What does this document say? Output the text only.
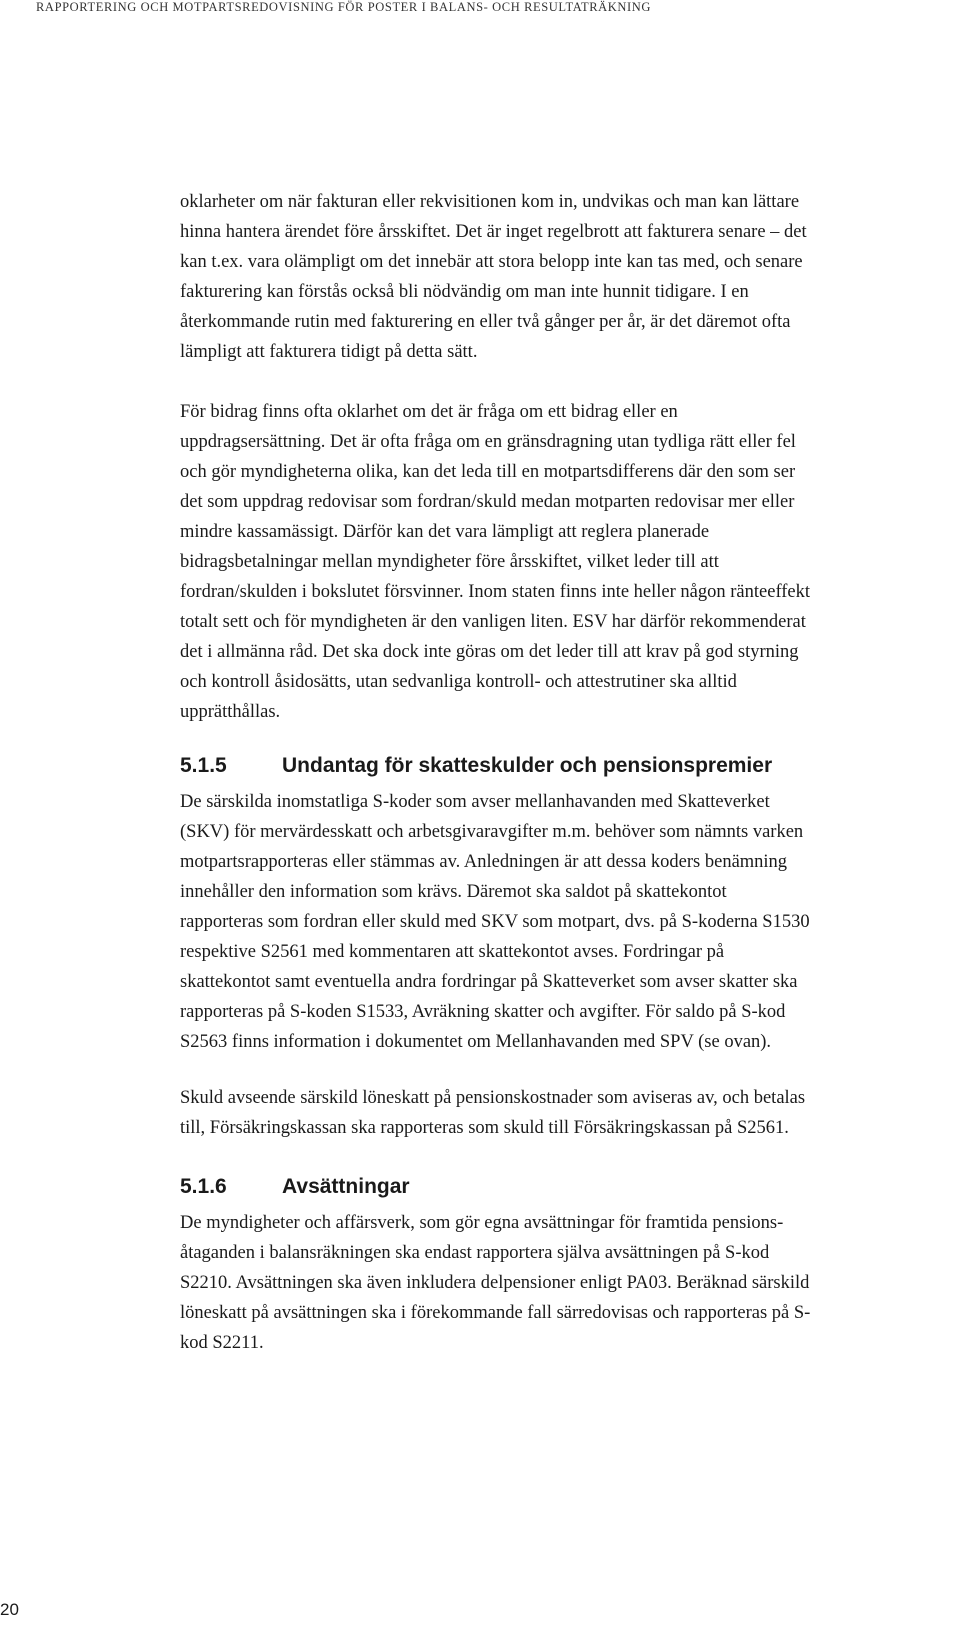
RAPPORTERING OCH MOTPARTSREDOVISNING FÖR POSTER I BALANS- OCH RESULTATRÄKNING
oklarheter om när fakturan eller rekvisitionen kom in, undvikas och man kan lättare
hinna hantera ärendet före årsskiftet. Det är inget regelbrott att fakturera senare – det
kan t.ex. vara olämpligt om det innebär att stora belopp inte kan tas med, och senare
fakturering kan förstås också bli nödvändig om man inte hunnit tidigare. I en
återkommande rutin med fakturering en eller två gånger per år, är det däremot ofta
lämpligt att fakturera tidigt på detta sätt.
För bidrag finns ofta oklarhet om det är fråga om ett bidrag eller en
uppdragsersättning. Det är ofta fråga om en gränsdragning utan tydliga rätt eller fel
och gör myndigheterna olika, kan det leda till en motpartsdifferens där den som ser
det som uppdrag redovisar som fordran/skuld medan motparten redovisar mer eller
mindre kassamässigt. Därför kan det vara lämpligt att reglera planerade
bidragsbetalningar mellan myndigheter före årsskiftet, vilket leder till att
fordran/skulden i bokslutet försvinner. Inom staten finns inte heller någon ränteeffekt
totalt sett och för myndigheten är den vanligen liten. ESV har därför rekommenderat
det i allmänna råd. Det ska dock inte göras om det leder till att krav på god styrning
och kontroll åsidosätts, utan sedvanliga kontroll- och attestrutiner ska alltid
upprätthållas.
5.1.5	Undantag för skatteskulder och pensionspremier
De särskilda inomstatliga S-koder som avser mellanhavanden med Skatteverket
(SKV) för mervärdesskatt och arbetsgivaravgifter m.m. behöver som nämnts varken
motpartsrapporteras eller stämmas av. Anledningen är att dessa koders benämning
innehåller den information som krävs. Däremot ska saldot på skattekontot
rapporteras som fordran eller skuld med SKV som motpart, dvs. på S-koderna S1530
respektive S2561 med kommentaren att skattekontot avses. Fordringar på
skattekontot samt eventuella andra fordringar på Skatteverket som avser skatter ska
rapporteras på S-koden S1533, Avräkning skatter och avgifter. För saldo på S-kod
S2563 finns information i dokumentet om Mellanhavanden med SPV (se ovan).
Skuld avseende särskild löneskatt på pensionskostnader som aviseras av, och betalas
till, Försäkringskassan ska rapporteras som skuld till Försäkringskassan på S2561.
5.1.6	Avsättningar
De myndigheter och affärsverk, som gör egna avsättningar för framtida pensions-
åtaganden i balansräkningen ska endast rapportera själva avsättningen på S-kod
S2210. Avsättningen ska även inkludera delpensioner enligt PA03. Beräknad särskild
löneskatt på avsättningen ska i förekommande fall särredovisas och rapporteras på S-
kod S2211.
20
